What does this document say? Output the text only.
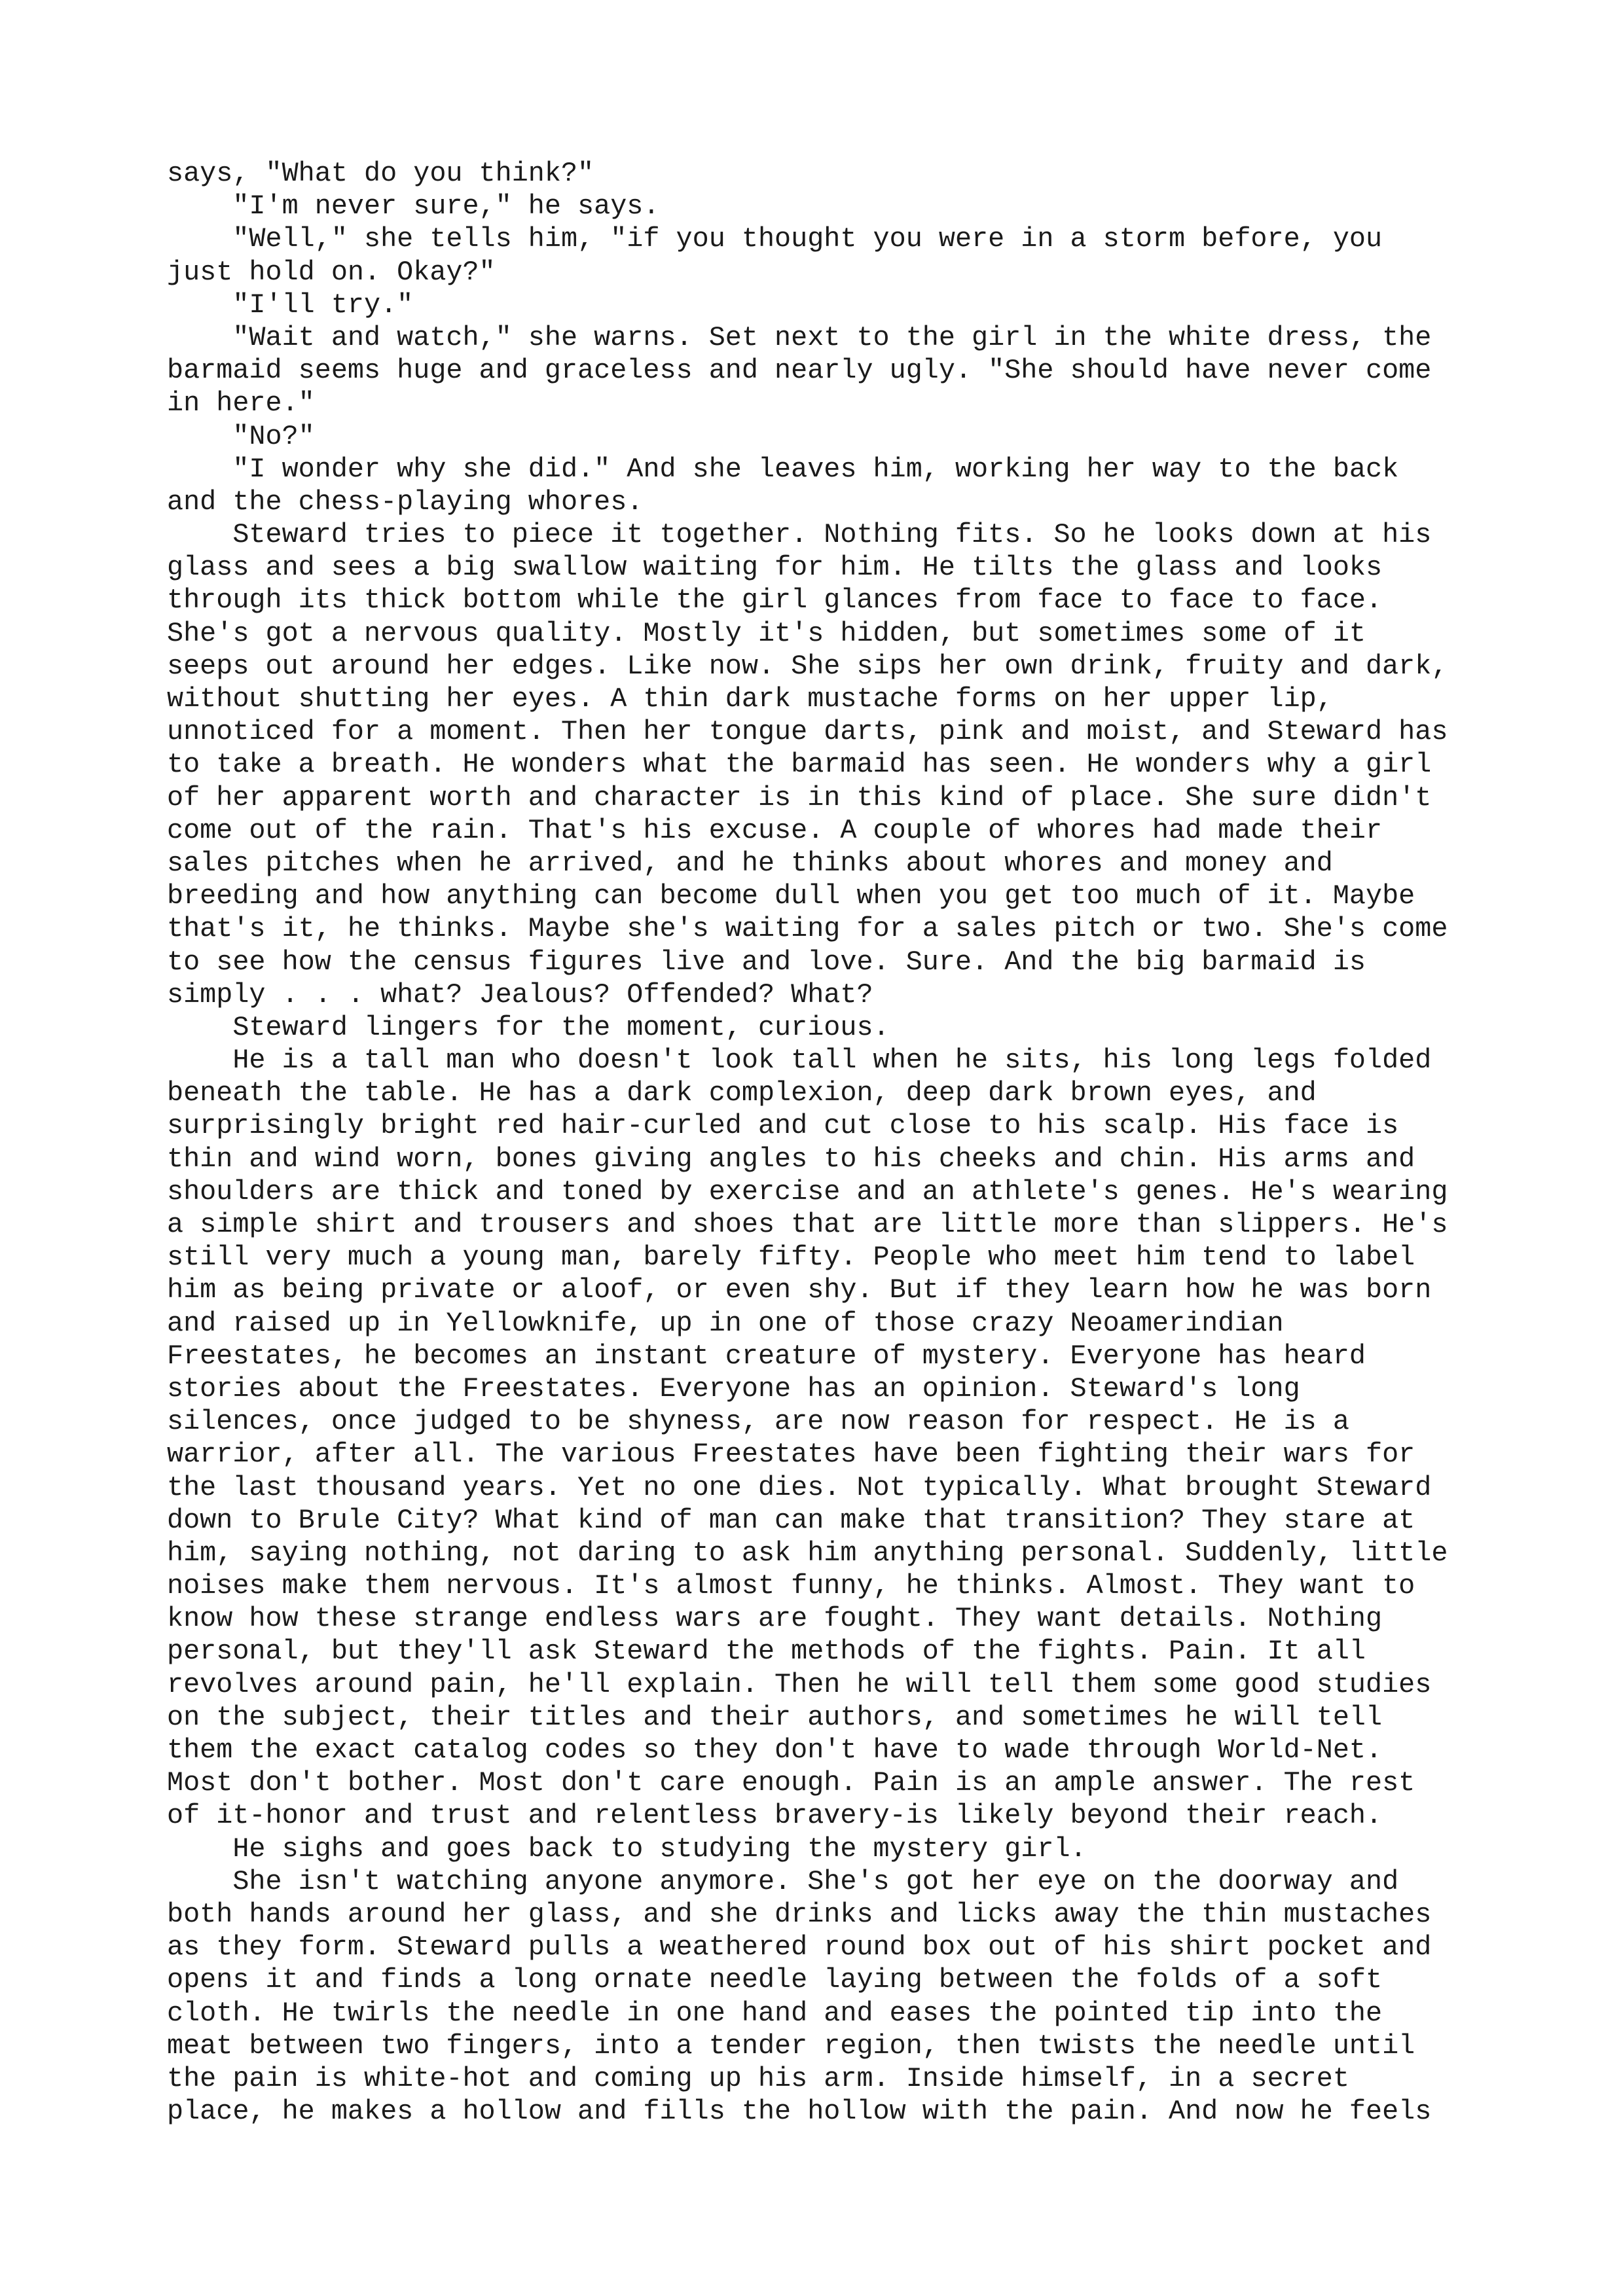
says, "What do you think?"
"I'm never sure," he says.
"Well," she tells him, "if you thought you were in a storm before, you
just hold on. Okay?"
"I'll try."
"Wait and watch," she warns. Set next to the girl in the white dress, the
barmaid seems huge and graceless and nearly ugly. "She should have never come
in here."
"No?"
"I wonder why she did." And she leaves him, working her way to the back
and the chess-playing whores.
Steward tries to piece it together. Nothing fits. So he looks down at his
glass and sees a big swallow waiting for him. He tilts the glass and looks
through its thick bottom while the girl glances from face to face to face.
She's got a nervous quality. Mostly it's hidden, but sometimes some of it
seeps out around her edges. Like now. She sips her own drink, fruity and dark,
without shutting her eyes. A thin dark mustache forms on her upper lip,
unnoticed for a moment. Then her tongue darts, pink and moist, and Steward has
to take a breath. He wonders what the barmaid has seen. He wonders why a girl
of her apparent worth and character is in this kind of place. She sure didn't
come out of the rain. That's his excuse. A couple of whores had made their
sales pitches when he arrived, and he thinks about whores and money and
breeding and how anything can become dull when you get too much of it. Maybe
that's it, he thinks. Maybe she's waiting for a sales pitch or two. She's come
to see how the census figures live and love. Sure. And the big barmaid is
simply . . . what? Jealous? Offended? What?
Steward lingers for the moment, curious.
He is a tall man who doesn't look tall when he sits, his long legs folded
beneath the table. He has a dark complexion, deep dark brown eyes, and
surprisingly bright red hair-curled and cut close to his scalp. His face is
thin and wind worn, bones giving angles to his cheeks and chin. His arms and
shoulders are thick and toned by exercise and an athlete's genes. He's wearing
a simple shirt and trousers and shoes that are little more than slippers. He's
still very much a young man, barely fifty. People who meet him tend to label
him as being private or aloof, or even shy. But if they learn how he was born
and raised up in Yellowknife, up in one of those crazy Neoamerindian
Freestates, he becomes an instant creature of mystery. Everyone has heard
stories about the Freestates. Everyone has an opinion. Steward's long
silences, once judged to be shyness, are now reason for respect. He is a
warrior, after all. The various Freestates have been fighting their wars for
the last thousand years. Yet no one dies. Not typically. What brought Steward
down to Brule City? What kind of man can make that transition? They stare at
him, saying nothing, not daring to ask him anything personal. Suddenly, little
noises make them nervous. It's almost funny, he thinks. Almost. They want to
know how these strange endless wars are fought. They want details. Nothing
personal, but they'll ask Steward the methods of the fights. Pain. It all
revolves around pain, he'll explain. Then he will tell them some good studies
on the subject, their titles and their authors, and sometimes he will tell
them the exact catalog codes so they don't have to wade through World-Net.
Most don't bother. Most don't care enough. Pain is an ample answer. The rest
of it-honor and trust and relentless bravery-is likely beyond their reach.
He sighs and goes back to studying the mystery girl.
She isn't watching anyone anymore. She's got her eye on the doorway and
both hands around her glass, and she drinks and licks away the thin mustaches
as they form. Steward pulls a weathered round box out of his shirt pocket and
opens it and finds a long ornate needle laying between the folds of a soft
cloth. He twirls the needle in one hand and eases the pointed tip into the
meat between two fingers, into a tender region, then twists the needle until
the pain is white-hot and coming up his arm. Inside himself, in a secret
place, he makes a hollow and fills the hollow with the pain. And now he feels
